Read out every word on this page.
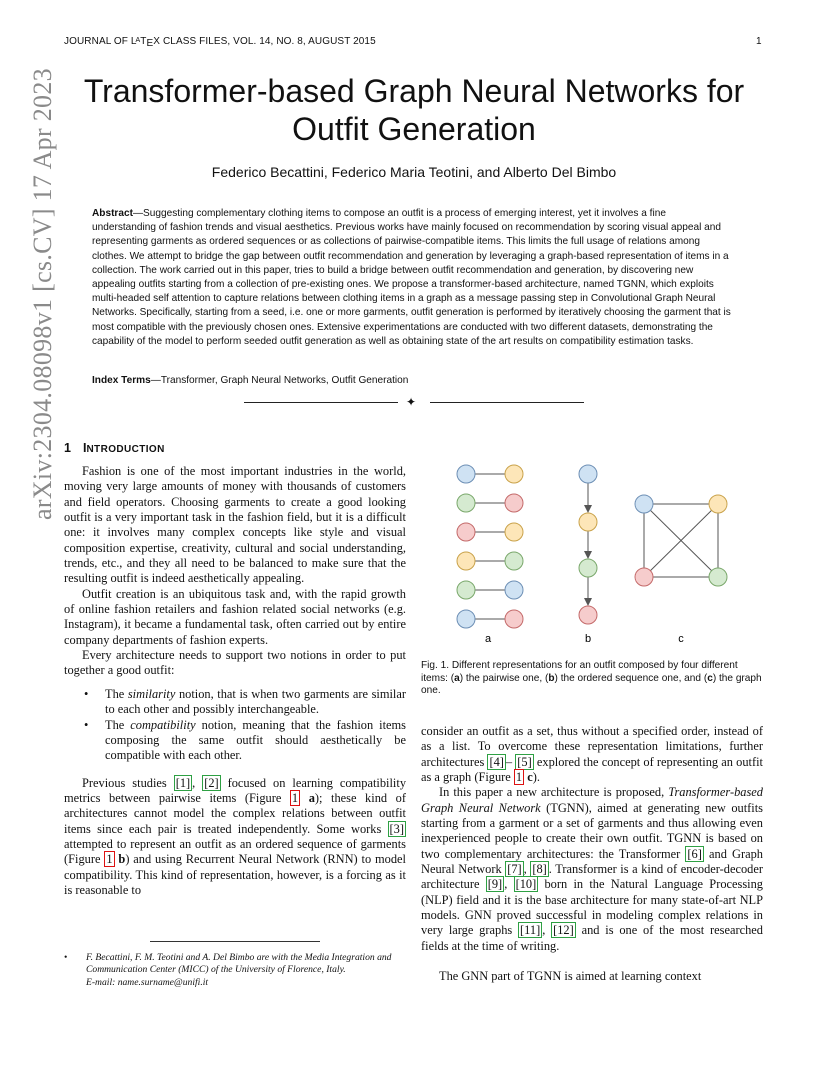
JOURNAL OF $L^ATEX$ CLASS FILES, VOL. 14, NO. 8, AUGUST 2015	1
arXiv:2304.08098v1 [cs.CV] 17 Apr 2023 Transformer-based Graph Neural Networks for Outfit Generation
Federico Becattini, Federico Maria Teotini, and Alberto Del Bimbo

Abstract—Suggesting complementary clothing items to compose an outfit is a process of emerging interest, yet it involves a fine understanding of fashion trends and visual aesthetics. Previous works have mainly focused on recommendation by scoring visual appeal and representing garments as ordered sequences or as collections of pairwise-compatible items. This limits the full usage of relations among clothes. We attempt to bridge the gap between outfit recommendation and generation by leveraging a graph-based representation of items in a collection. The work carried out in this paper, tries to build a bridge between outfit recommendation and generation, by discovering new appealing outfits starting from a collection of pre-existing ones. We propose a transformer-based architecture, named TGNN, which exploits multi-headed self attention to capture relations between clothing items in a graph as a message passing step in Convolutional Graph Neural Networks. Specifically, starting from a seed, i.e. one or more garments, outfit generation is performed by iteratively choosing the garment that is most compatible with the previously chosen ones. Extensive experimentations are conducted with two different datasets, demonstrating the capability of the model to perform seeded outfit generation as well as obtaining state of the art results on compatibility estimation tasks.

Index Terms—Transformer, Graph Neural Networks, Outfit Generation

✦
1 INTRODUCTION

Fashion is one of the most important industries in the world, moving very large amounts of money with thousands of customers and field operators. Choosing garments to create a good looking outfit is a very important task in the fashion field, but it is a difficult one: it involves many complex concepts like style and visual composition expertise, creativity, cultural and social understanding, trends, etc., and they all need to be balanced to make sure that the resulting outfit is indeed aesthetically appealing.

Outfit creation is an ubiquitous task and, with the rapid growth of online fashion retailers and fashion related social networks (e.g. Instagram), it became a fundamental task, often carried out by entire company departments of fashion experts.

Every architecture needs to support two notions in order to put together a good outfit:

• The similarity notion, that is when two garments are similar to each other and possibly interchangeable.
• The compatibility notion, meaning that the fashion items composing the same outfit should aesthetically be compatible with each other.

Previous studies [1] , [2] focused on learning compatibility metrics between pairwise items (Figure 1 a); these kind of architectures cannot model the complex relations between outfit items since each pair is treated independently. Some works [3] attempted to represent an outfit as an ordered sequence of garments (Figure 1 b) and using Recurrent Neural Network (RNN) to model compatibility. This kind of representation, however, is a forcing as it is reasonable to

•	F. Becattini, F. M. Teotini and A. Del Bimbo are with the Media Integration and Communication Center (MICC) of the University of Florence, Italy.
E-mail: name.surname@unifi.it
a	b	c

Fig. 1. Different representations for an outfit composed by four different items: (a) the pairwise one, (b) the ordered sequence one, and (c) the graph one.

consider an outfit as a set, thus without a specified order, instead of as a list. To overcome these representation limitations, further architectures [4] – [5] explored the concept of representing an outfit as a graph (Figure 1 c).

In this paper a new architecture is proposed, Transformer-based Graph Neural Network (TGNN), aimed at generating new outfits starting from a garment or a set of garments and thus allowing even inexperienced people to create their own outfit. TGNN is based on two complementary architectures: the Transformer [6] and Graph Neural Network [7] , [8] . Transformer is a kind of encoder-decoder architecture [9] , [10] born in the Natural Language Processing (NLP) field and it is the base architecture for many state-of-art NLP models. GNN proved successful in modeling complex relations in very large graphs [11] , [12] and is one of the most researched fields at the time of writing.

The GNN part of TGNN is aimed at learning context
